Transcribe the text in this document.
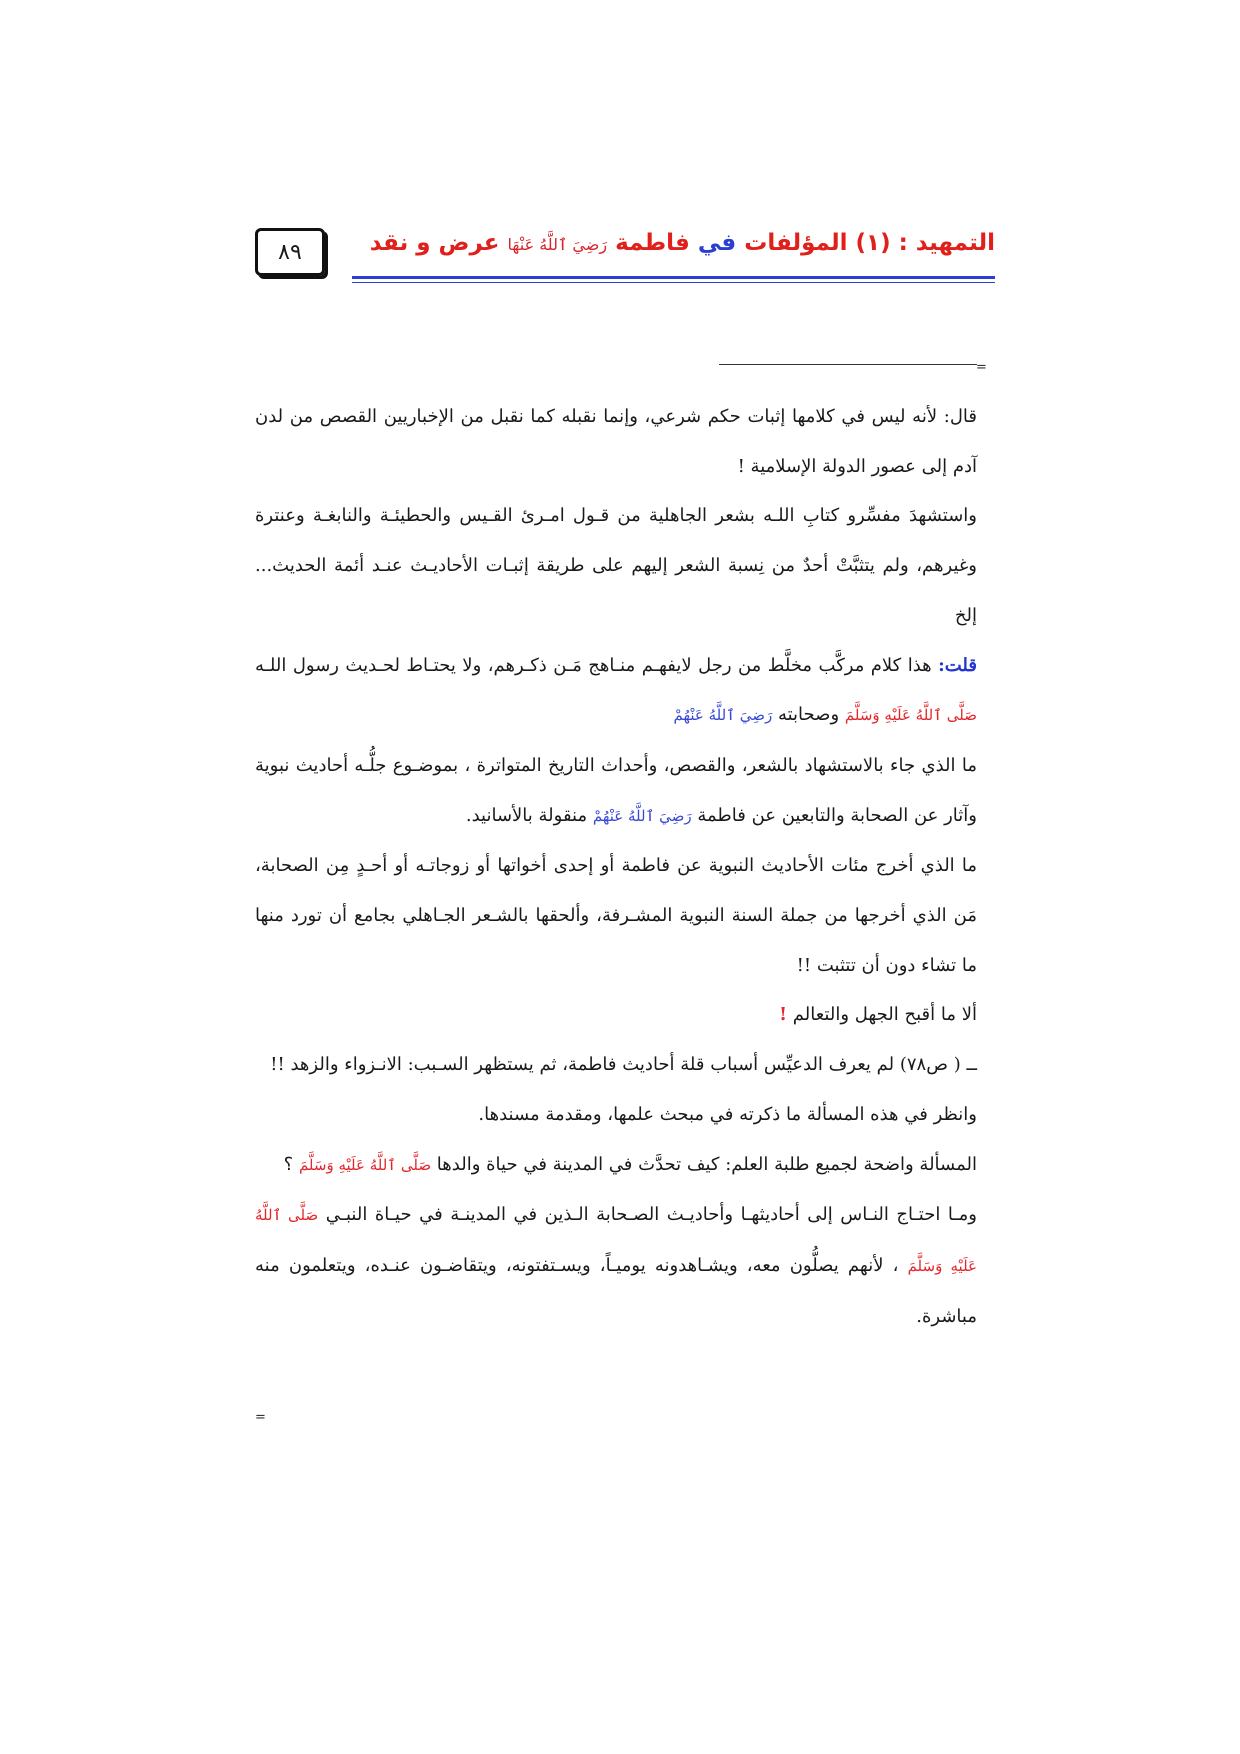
٨٩	التمهيد : (١) المؤلفات في فاطمة رَضِيَ ٱللَّهُ عَنْهَا عرض و نقد
=

قال: لأنه ليس في كلامها إثبات حكم شرعي، وإنما نقبله كما نقبل من الإخباريين القصص من لدن آدم إلى عصور الدولة الإسلامية !

واستشهدَ مفسِّرو كتابِ اللـه بشعر الجاهلية من قـول امـرئ القـيس والحطيئـة والنابغـة وعنترة وغيرهم، ولم يتثبَّتْ أحدٌ من نِسبة الشعر إليهم على طريقة إثبـات الأحاديـث عنـد أئمة الحديث... إلخ

قلت: هذا كلام مركَّب مخلَّط من رجل لايفهـم منـاهج مَـن ذكـرهم، ولا يحتـاط لحـديث رسول اللـه صَلَّى ٱللَّهُ عَلَيْهِ وَسَلَّمَ وصحابته رَضِيَ ٱللَّهُ عَنْهُمْ

ما الذي جاء بالاستشهاد بالشعر، والقصص، وأحداث التاريخ المتواترة ، بموضـوع جلُّـه أحاديث نبوية وآثار عن الصحابة والتابعين عن فاطمة رَضِيَ ٱللَّهُ عَنْهُمْ منقولة بالأسانيد.

ما الذي أخرج مئات الأحاديث النبوية عن فاطمة أو إحدى أخواتها أو زوجاتـه أو أحـدٍ مِن الصحابة، مَن الذي أخرجها من جملة السنة النبوية المشـرفة، وألحقها بالشـعر الجـاهلي بجامع أن تورد منها ما تشاء دون أن تتثبت !!

ألا ما أقبح الجهل والتعالم !

ــ ( ص٧٨) لم يعرف الدعيِّس أسباب قلة أحاديث فاطمة، ثم يستظهر السـبب: الانـزواء والزهد !!

وانظر في هذه المسألة ما ذكرته في مبحث علمها، ومقدمة مسندها.

المسألة واضحة لجميع طلبة العلم: كيف تحدَّث في المدينة في حياة والدها صَلَّى ٱللَّهُ عَلَيْهِ وَسَلَّمَ ؟

ومـا احتـاج النـاس إلى أحاديثهـا وأحاديـث الصـحابة الـذين في المدينـة في حيـاة النبـي صَلَّى ٱللَّهُ عَلَيْهِ وَسَلَّمَ ، لأنهم يصلُّون معه، ويشـاهدونه يوميـاً، ويسـتفتونه، ويتقاضـون عنـده، ويتعلمون منه مباشرة.

=
